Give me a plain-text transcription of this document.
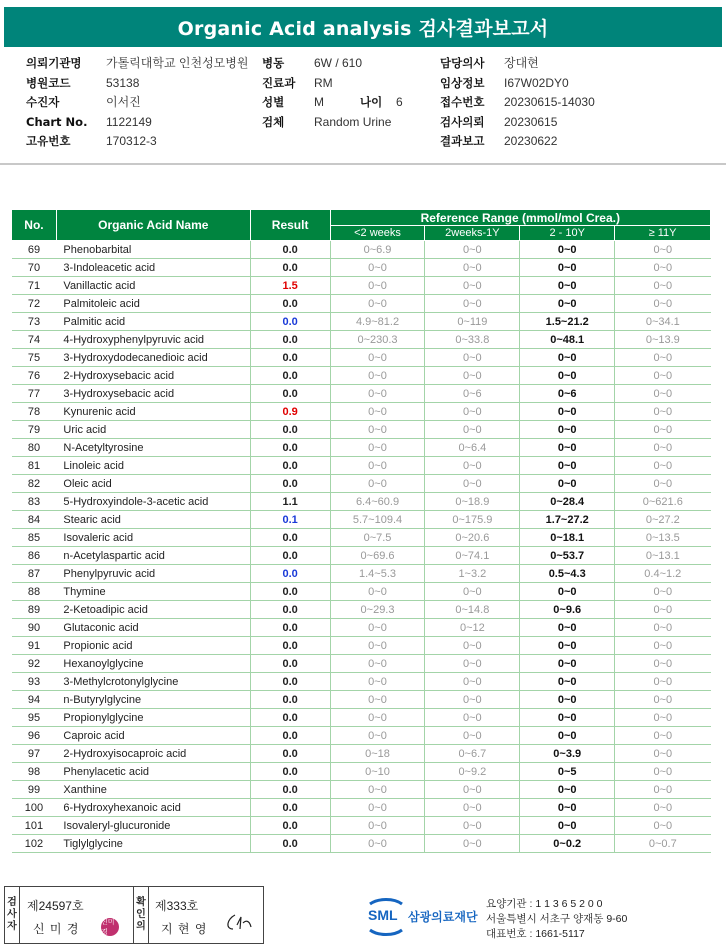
Organic Acid analysis 검사결과보고서
의뢰기관명 가톨릭대학교 인천성모병원 병동 6W / 610	담당의사 장대현
병원코드	53138	진료과 RM	임상정보 I67W02DY0
수진자	이서진	성별 M	나이 6	접수번호 20230615-14030
Chart No. 1122149	검체 Random Urine	검사의뢰 20230615
고유번호	170312-3	결과보고 20230622
No.	Organic Acid Name	Result	Reference Range (mmol/mol Crea.)			
			<2 weeks	2weeks-1Y	2 - 10Y	≥ 11Y
69	Phenobarbital	0.0	0~6.9	0~0	0~0	0~0
70	3-Indoleacetic acid	0.0	0~0	0~0	0~0	0~0
71	Vanillactic acid	1.5	0~0	0~0	0~0	0~0
72	Palmitoleic acid	0.0	0~0	0~0	0~0	0~0
73	Palmitic acid	0.0	4.9~81.2	0~119	1.5~21.2	0~34.1
74	4-Hydroxyphenylpyruvic acid	0.0	0~230.3	0~33.8	0~48.1	0~13.9
75	3-Hydroxydodecanedioic acid	0.0	0~0	0~0	0~0	0~0
76	2-Hydroxysebacic acid	0.0	0~0	0~0	0~0	0~0
77	3-Hydroxysebacic acid	0.0	0~0	0~6	0~6	0~0
78	Kynurenic acid	0.9	0~0	0~0	0~0	0~0
79	Uric acid	0.0	0~0	0~0	0~0	0~0
80	N-Acetyltyrosine	0.0	0~0	0~6.4	0~0	0~0
81	Linoleic acid	0.0	0~0	0~0	0~0	0~0
82	Oleic acid	0.0	0~0	0~0	0~0	0~0
83	5-Hydroxyindole-3-acetic acid	1.1	6.4~60.9	0~18.9	0~28.4	0~621.6
84	Stearic acid	0.1	5.7~109.4	0~175.9	1.7~27.2	0~27.2
85	Isovaleric acid	0.0	0~7.5	0~20.6	0~18.1	0~13.5
86	n-Acetylaspartic acid	0.0	0~69.6	0~74.1	0~53.7	0~13.1
87	Phenylpyruvic acid	0.0	1.4~5.3	1~3.2	0.5~4.3	0.4~1.2
88	Thymine	0.0	0~0	0~0	0~0	0~0
89	2-Ketoadipic acid	0.0	0~29.3	0~14.8	0~9.6	0~0
90	Glutaconic acid	0.0	0~0	0~12	0~0	0~0
91	Propionic acid	0.0	0~0	0~0	0~0	0~0
92	Hexanoylglycine	0.0	0~0	0~0	0~0	0~0
93	3-Methylcrotonylglycine	0.0	0~0	0~0	0~0	0~0
94	n-Butyrylglycine	0.0	0~0	0~0	0~0	0~0
95	Propionylglycine	0.0	0~0	0~0	0~0	0~0
96	Caproic acid	0.0	0~0	0~0	0~0	0~0
97	2-Hydroxyisocaproic acid	0.0	0~18	0~6.7	0~3.9	0~0
98	Phenylacetic acid	0.0	0~10	0~9.2	0~5	0~0
99	Xanthine	0.0	0~0	0~0	0~0	0~0
100	6-Hydroxyhexanoic acid	0.0	0~0	0~0	0~0	0~0
101	Isovaleryl-glucuronide	0.0	0~0	0~0	0~0	0~0
102	Tiglylglycine	0.0	0~0	0~0	0~0.2	0~0.7
검
사
자
제24597호
신 미 경	신미경
확
인
의
제333호
지 현 영
SML 삼광의료재단
요양기관 : 1 1 3 6 5 2 0 0
서울특별시 서초구 양재동 9-60
대표번호 : 1661-5117
